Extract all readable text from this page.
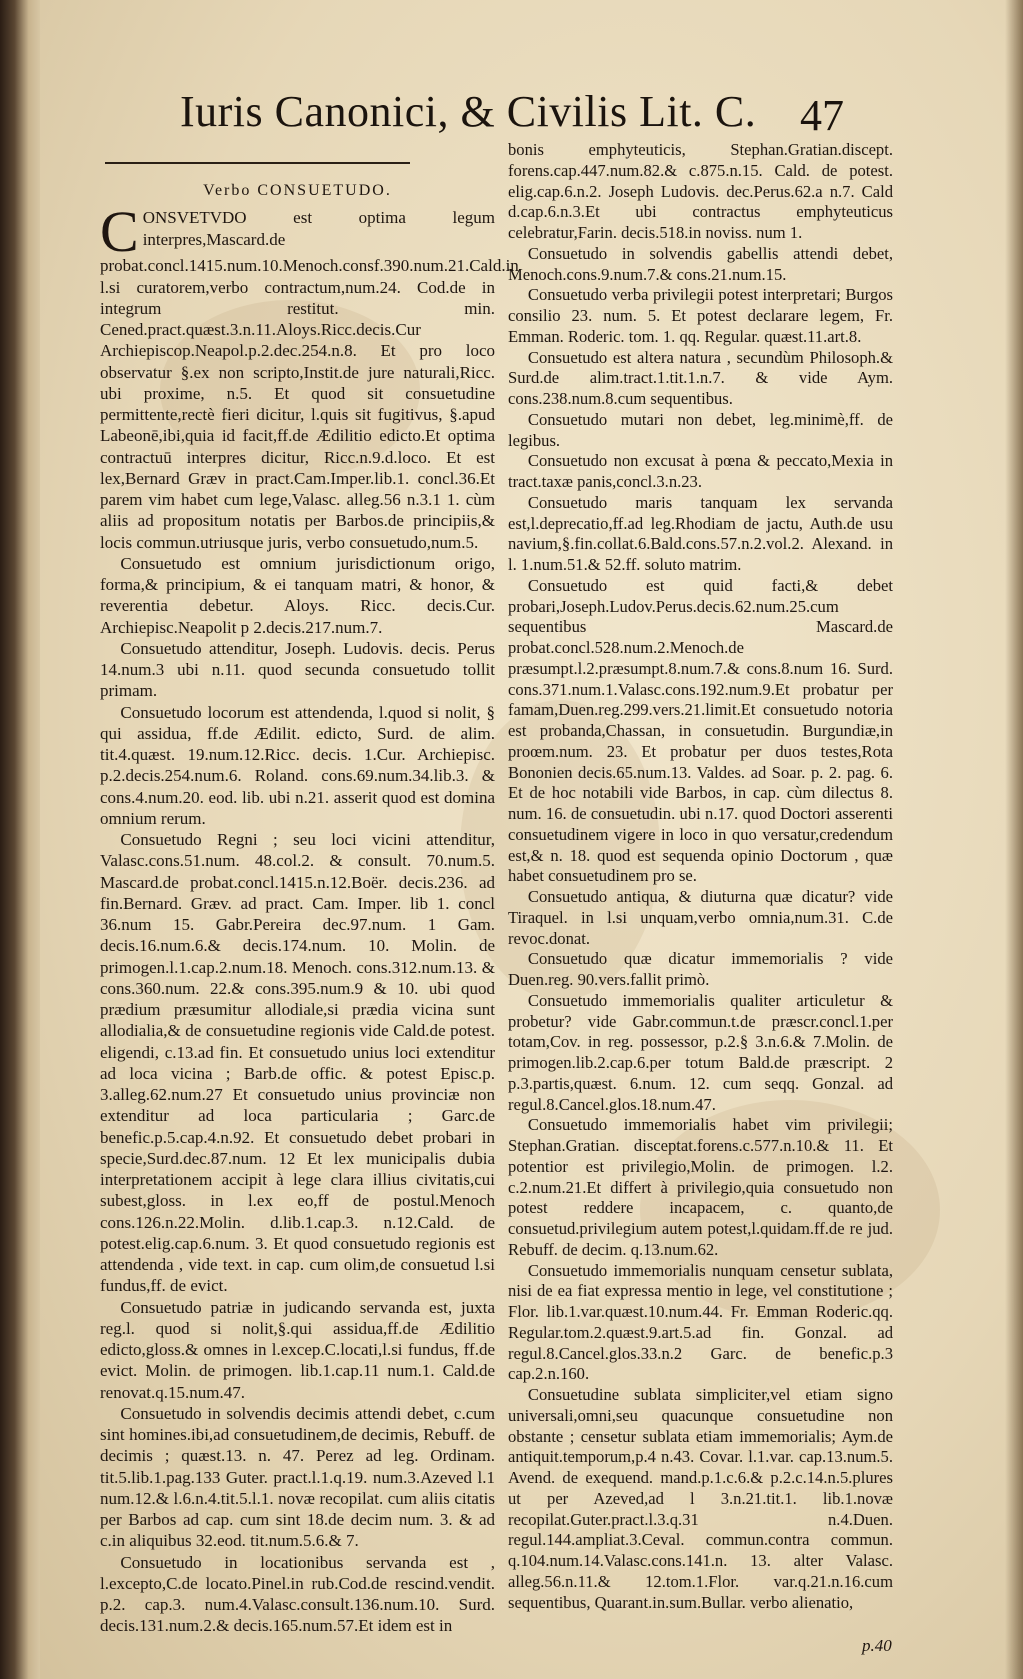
Iuris Canonici, & Civilis Lit. C. 47

Verbo CONSUETUDO.

CONSVETVDO est optima legum interpres,Mascard.de probat.concl.1415.num.10.Menoch.consf.390.num.21.Cald.in l.si curatorem,verbo contractum,num.24. Cod.de in integrum restitut. min. Cened.pract.quæst.3.n.11.Aloys.Ricc.decis.Cur Archiepiscop.Neapol.p.2.dec.254.n.8. Et pro loco observatur §.ex non scripto,Instit.de jure naturali,Ricc. ubi proxime, n.5. Et quod sit consuetudine permittente,rectè fieri dicitur, l.quis sit fugitivus, §.apud Labeonē,ibi,quia id facit,ff.de Ædilitio edicto.Et optima contractuū interpres dicitur, Ricc.n.9.d.loco. Et est lex,Bernard Græv in pract.Cam.Imper.lib.1. concl.36.Et parem vim habet cum lege,Valasc. alleg.56 n.3.1 1. cùm aliis ad propositum notatis per Barbos.de principiis,& locis commun.utriusque juris, verbo consuetudo,num.5.

Consuetudo est omnium jurisdictionum origo, forma,& principium, & ei tanquam matri, & honor, & reverentia debetur. Aloys. Ricc. decis.Cur. Archiepisc.Neapolit p 2.decis.217.num.7.

Consuetudo attenditur, Joseph. Ludovis. decis. Perus 14.num.3 ubi n.11. quod secunda consuetudo tollit primam.

Consuetudo locorum est attendenda, l.quod si nolit, § qui assidua, ff.de Ædilit. edicto, Surd. de alim. tit.4.quæst. 19.num.12.Ricc. decis. 1.Cur. Archiepisc. p.2.decis.254.num.6. Roland. cons.69.num.34.lib.3. & cons.4.num.20. eod. lib. ubi n.21. asserit quod est domina omnium rerum.

Consuetudo Regni ; seu loci vicini attenditur, Valasc.cons.51.num. 48.col.2. & consult. 70.num.5. Mascard.de probat.concl.1415.n.12.Boër. decis.236. ad fin.Bernard. Græv. ad pract. Cam. Imper. lib 1. concl 36.num 15. Gabr.Pereira dec.97.num. 1 Gam. decis.16.num.6.& decis.174.num. 10. Molin. de primogen.l.1.cap.2.num.18. Menoch. cons.312.num.13. & cons.360.num. 22.& cons.395.num.9 & 10. ubi quod prædium præsumitur allodiale,si prædia vicina sunt allodialia,& de consuetudine regionis vide Cald.de potest. eligendi, c.13.ad fin. Et consuetudo unius loci extenditur ad loca vicina ; Barb.de offic. & potest Episc.p. 3.alleg.62.num.27 Et consuetudo unius provinciæ non extenditur ad loca particularia ; Garc.de benefic.p.5.cap.4.n.92. Et consuetudo debet probari in specie,Surd.dec.87.num. 12 Et lex municipalis dubia interpretationem accipit à lege clara illius civitatis,cui subest,gloss. in l.ex eo,ff de postul.Menoch cons.126.n.22.Molin. d.lib.1.cap.3. n.12.Cald. de potest.elig.cap.6.num. 3. Et quod consuetudo regionis est attendenda , vide text. in cap. cum olim,de consuetud l.si fundus,ff. de evict.

Consuetudo patriæ in judicando servanda est, juxta reg.l. quod si nolit,§.qui assidua,ff.de Ædilitio edicto,gloss.& omnes in l.excep.C.locati,l.si fundus, ff.de evict. Molin. de primogen. lib.1.cap.11 num.1. Cald.de renovat.q.15.num.47.

Consuetudo in solvendis decimis attendi debet, c.cum sint homines.ibi,ad consuetudinem,de decimis, Rebuff. de decimis ; quæst.13. n. 47. Perez ad leg. Ordinam. tit.5.lib.1.pag.133 Guter. pract.l.1.q.19. num.3.Azeved l.1 num.12.& l.6.n.4.tit.5.l.1. novæ recopilat. cum aliis citatis per Barbos ad cap. cum sint 18.de decim num. 3. & ad c.in aliquibus 32.eod. tit.num.5.6.& 7.

Consuetudo in locationibus servanda est , l.excepto,C.de locato.Pinel.in rub.Cod.de rescind.vendit. p.2. cap.3. num.4.Valasc.consult.136.num.10. Surd. decis.131.num.2.& decis.165.num.57.Et idem est in

bonis emphyteuticis, Stephan.Gratian.discept. forens.cap.447.num.82.& c.875.n.15. Cald. de potest. elig.cap.6.n.2. Joseph Ludovis. dec.Perus.62.a n.7. Cald d.cap.6.n.3.Et ubi contractus emphyteuticus celebratur,Farin. decis.518.in noviss. num 1.

Consuetudo in solvendis gabellis attendi debet, Menoch.cons.9.num.7.& cons.21.num.15.

Consuetudo verba privilegii potest interpretari; Burgos consilio 23. num. 5. Et potest declarare legem, Fr. Emman. Roderic. tom. 1. qq. Regular. quæst.11.art.8.

Consuetudo est altera natura , secundùm Philosoph.& Surd.de alim.tract.1.tit.1.n.7. & vide Aym. cons.238.num.8.cum sequentibus.

Consuetudo mutari non debet, leg.minimè,ff. de legibus.

Consuetudo non excusat à pœna & peccato,Mexia in tract.taxæ panis,concl.3.n.23.

Consuetudo maris tanquam lex servanda est,l.deprecatio,ff.ad leg.Rhodiam de jactu, Auth.de usu navium,§.fin.collat.6.Bald.cons.57.n.2.vol.2. Alexand. in l. 1.num.51.& 52.ff. soluto matrim.

Consuetudo est quid facti,& debet probari,Joseph.Ludov.Perus.decis.62.num.25.cum sequentibus Mascard.de probat.concl.528.num.2.Menoch.de præsumpt.l.2.præsumpt.8.num.7.& cons.8.num 16. Surd. cons.371.num.1.Valasc.cons.192.num.9.Et probatur per famam,Duen.reg.299.vers.21.limit.Et consuetudo notoria est probanda,Chassan, in consuetudin. Burgundiæ,in proœm.num. 23. Et probatur per duos testes,Rota Bononien decis.65.num.13. Valdes. ad Soar. p. 2. pag. 6. Et de hoc notabili vide Barbos, in cap. cùm dilectus 8. num. 16. de consuetudin. ubi n.17. quod Doctori asserenti consuetudinem vigere in loco in quo versatur,credendum est,& n. 18. quod est sequenda opinio Doctorum , quæ habet consuetudinem pro se.

Consuetudo antiqua, & diuturna quæ dicatur? vide Tiraquel. in l.si unquam,verbo omnia,num.31. C.de revoc.donat.

Consuetudo quæ dicatur immemorialis ? vide Duen.reg. 90.vers.fallit primò.

Consuetudo immemorialis qualiter articuletur & probetur? vide Gabr.commun.t.de præscr.concl.1.per totam,Cov. in reg. possessor, p.2.§ 3.n.6.& 7.Molin. de primogen.lib.2.cap.6.per totum Bald.de præscript. 2 p.3.partis,quæst. 6.num. 12. cum seqq. Gonzal. ad regul.8.Cancel.glos.18.num.47.

Consuetudo immemorialis habet vim privilegii; Stephan.Gratian. disceptat.forens.c.577.n.10.& 11. Et potentior est privilegio,Molin. de primogen. l.2. c.2.num.21.Et differt à privilegio,quia consuetudo non potest reddere incapacem, c. quanto,de consuetud.privilegium autem potest,l.quidam.ff.de re jud. Rebuff. de decim. q.13.num.62.

Consuetudo immemorialis nunquam censetur sublata, nisi de ea fiat expressa mentio in lege, vel constitutione ; Flor. lib.1.var.quæst.10.num.44. Fr. Emman Roderic.qq. Regular.tom.2.quæst.9.art.5.ad fin. Gonzal. ad regul.8.Cancel.glos.33.n.2 Garc. de benefic.p.3 cap.2.n.160.

Consuetudine sublata simpliciter,vel etiam signo universali,omni,seu quacunque consuetudine non obstante ; censetur sublata etiam immemorialis; Aym.de antiquit.temporum,p.4 n.43. Covar. l.1.var. cap.13.num.5. Avend. de exequend. mand.p.1.c.6.& p.2.c.14.n.5.plures ut per Azeved,ad l 3.n.21.tit.1. lib.1.novæ recopilat.Guter.pract.l.3.q.31 n.4.Duen. regul.144.ampliat.3.Ceval. commun.contra commun. q.104.num.14.Valasc.cons.141.n. 13. alter Valasc. alleg.56.n.11.& 12.tom.1.Flor. var.q.21.n.16.cum sequentibus, Quarant.in.sum.Bullar. verbo alienatio,

p.40
